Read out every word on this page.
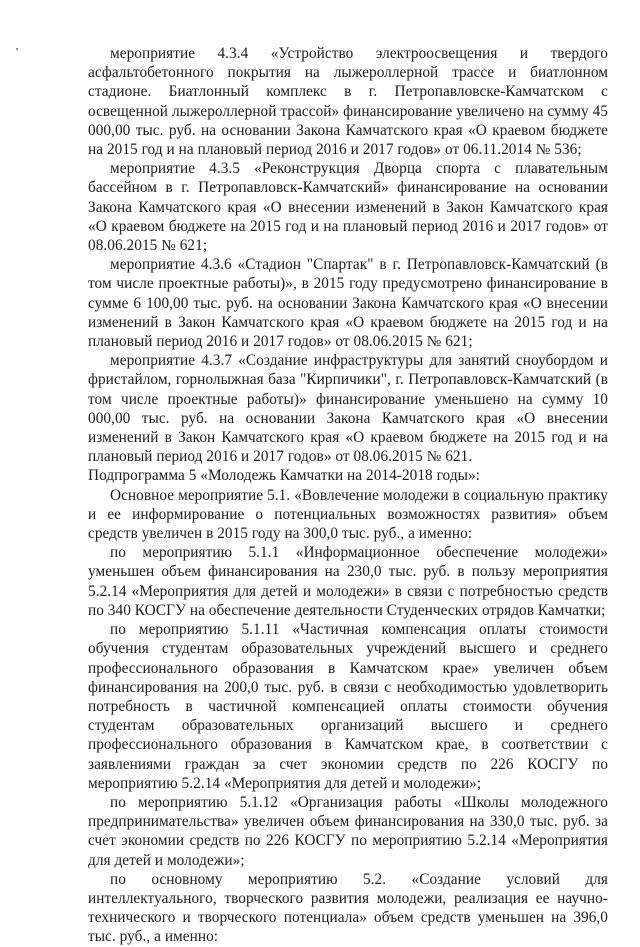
мероприятие 4.3.4 «Устройство электроосвещения и твердого асфальтобетонного покрытия на лыжероллерной трассе и биатлонном стадионе. Биатлонный комплекс в г. Петропавловске-Камчатском с освещенной лыжероллерной трассой» финансирование увеличено на сумму 45 000,00 тыс. руб. на основании Закона Камчатского края «О краевом бюджете на 2015 год и на плановый период 2016 и 2017 годов» от 06.11.2014 № 536;

мероприятие 4.3.5 «Реконструкция Дворца спорта с плавательным бассейном в г. Петропавловск-Камчатский» финансирование на основании Закона Камчатского края «О внесении изменений в Закон Камчатского края «О краевом бюджете на 2015 год и на плановый период 2016 и 2017 годов» от 08.06.2015 № 621;

мероприятие 4.3.6 «Стадион "Спартак" в г. Петропавловск-Камчатский (в том числе проектные работы)», в 2015 году предусмотрено финансирование в сумме 6 100,00 тыс. руб. на основании Закона Камчатского края «О внесении изменений в Закон Камчатского края «О краевом бюджете на 2015 год и на плановый период 2016 и 2017 годов» от 08.06.2015 № 621;

мероприятие 4.3.7 «Создание инфраструктуры для занятий сноубордом и фристайлом, горнолыжная база "Кирпичики", г. Петропавловск-Камчатский (в том числе проектные работы)» финансирование уменьшено на сумму 10 000,00 тыс. руб. на основании Закона Камчатского края «О внесении изменений в Закон Камчатского края «О краевом бюджете на 2015 год и на плановый период 2016 и 2017 годов» от 08.06.2015 № 621.

Подпрограмма 5 «Молодежь Камчатки на 2014-2018 годы»:

Основное мероприятие 5.1. «Вовлечение молодежи в социальную практику и ее информирование о потенциальных возможностях развития» объем средств увеличен в 2015 году на 300,0 тыс. руб., а именно:

по мероприятию 5.1.1 «Информационное обеспечение молодежи» уменьшен объем финансирования на 230,0 тыс. руб. в пользу мероприятия 5.2.14 «Мероприятия для детей и молодежи» в связи с потребностью средств по 340 КОСГУ на обеспечение деятельности Студенческих отрядов Камчатки;

по мероприятию 5.1.11 «Частичная компенсация оплаты стоимости обучения студентам образовательных учреждений высшего и среднего профессионального образования в Камчатском крае» увеличен объем финансирования на 200,0 тыс. руб. в связи с необходимостью удовлетворить потребность в частичной компенсацией оплаты стоимости обучения студентам образовательных организаций высшего и среднего профессионального образования в Камчатском крае, в соответствии с заявлениями граждан за счет экономии средств по 226 КОСГУ по мероприятию 5.2.14 «Мероприятия для детей и молодежи»;

по мероприятию 5.1.12 «Организация работы «Школы молодежного предпринимательства» увеличен объем финансирования на 330,0 тыс. руб. за счет экономии средств по 226 КОСГУ по мероприятию 5.2.14 «Мероприятия для детей и молодежи»;

по основному мероприятию 5.2. «Создание условий для интеллектуального, творческого развития молодежи, реализация ее научно-технического и творческого потенциала» объем средств уменьшен на 396,0 тыс. руб., а именно:
